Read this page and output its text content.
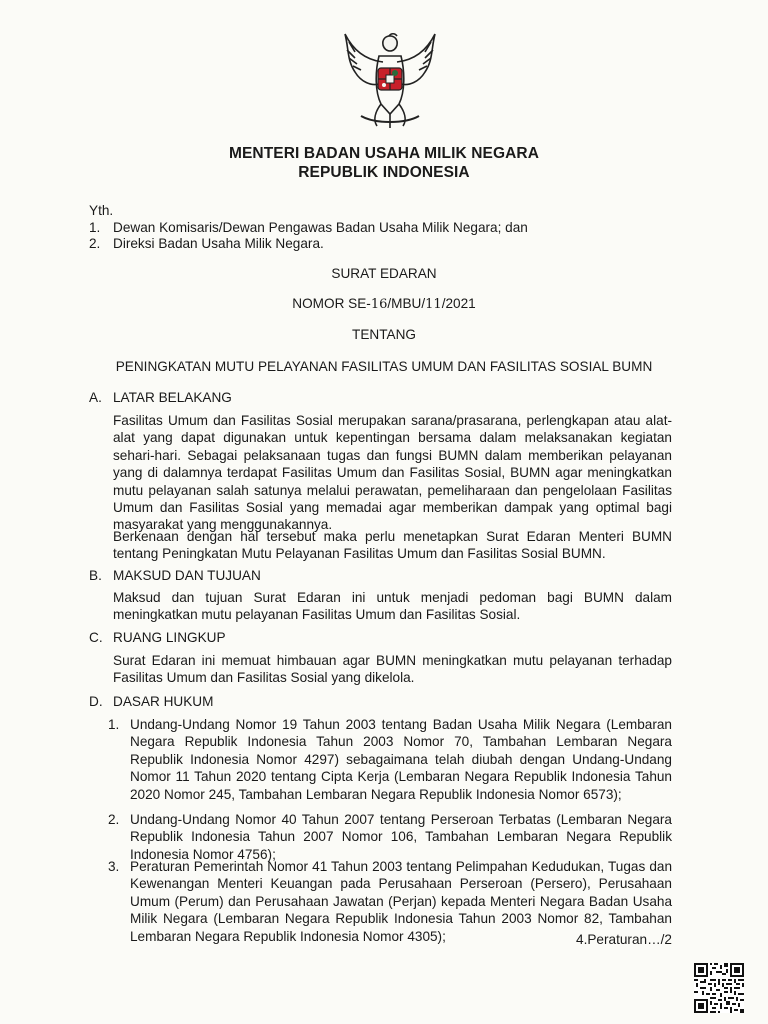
MENTERI BADAN USAHA MILIK NEGARA
REPUBLIK INDONESIA
Yth.
1. Dewan Komisaris/Dewan Pengawas Badan Usaha Milik Negara; dan
2. Direksi Badan Usaha Milik Negara.
SURAT EDARAN
NOMOR SE-16/MBU/11/2021
TENTANG
PENINGKATAN MUTU PELAYANAN FASILITAS UMUM DAN FASILITAS SOSIAL BUMN
A. LATAR BELAKANG

Fasilitas Umum dan Fasilitas Sosial merupakan sarana/prasarana, perlengkapan atau alat-alat yang dapat digunakan untuk kepentingan bersama dalam melaksanakan kegiatan sehari-hari. Sebagai pelaksanaan tugas dan fungsi BUMN dalam memberikan pelayanan yang di dalamnya terdapat Fasilitas Umum dan Fasilitas Sosial, BUMN agar meningkatkan mutu pelayanan salah satunya melalui perawatan, pemeliharaan dan pengelolaan Fasilitas Umum dan Fasilitas Sosial yang memadai agar memberikan dampak yang optimal bagi masyarakat yang menggunakannya.

Berkenaan dengan hal tersebut maka perlu menetapkan Surat Edaran Menteri BUMN tentang Peningkatan Mutu Pelayanan Fasilitas Umum dan Fasilitas Sosial BUMN.

B. MAKSUD DAN TUJUAN

Maksud dan tujuan Surat Edaran ini untuk menjadi pedoman bagi BUMN dalam meningkatkan mutu pelayanan Fasilitas Umum dan Fasilitas Sosial.

C. RUANG LINGKUP

Surat Edaran ini memuat himbauan agar BUMN meningkatkan mutu pelayanan terhadap Fasilitas Umum dan Fasilitas Sosial yang dikelola.

D. DASAR HUKUM
1. Undang-Undang Nomor 19 Tahun 2003 tentang Badan Usaha Milik Negara (Lembaran Negara Republik Indonesia Tahun 2003 Nomor 70, Tambahan Lembaran Negara Republik Indonesia Nomor 4297) sebagaimana telah diubah dengan Undang-Undang Nomor 11 Tahun 2020 tentang Cipta Kerja (Lembaran Negara Republik Indonesia Tahun 2020 Nomor 245, Tambahan Lembaran Negara Republik Indonesia Nomor 6573);
2. Undang-Undang Nomor 40 Tahun 2007 tentang Perseroan Terbatas (Lembaran Negara Republik Indonesia Tahun 2007 Nomor 106, Tambahan Lembaran Negara Republik Indonesia Nomor 4756);
3. Peraturan Pemerintah Nomor 41 Tahun 2003 tentang Pelimpahan Kedudukan, Tugas dan Kewenangan Menteri Keuangan pada Perusahaan Perseroan (Persero), Perusahaan Umum (Perum) dan Perusahaan Jawatan (Perjan) kepada Menteri Negara Badan Usaha Milik Negara (Lembaran Negara Republik Indonesia Tahun 2003 Nomor 82, Tambahan Lembaran Negara Republik Indonesia Nomor 4305);	4.Peraturan…/2
